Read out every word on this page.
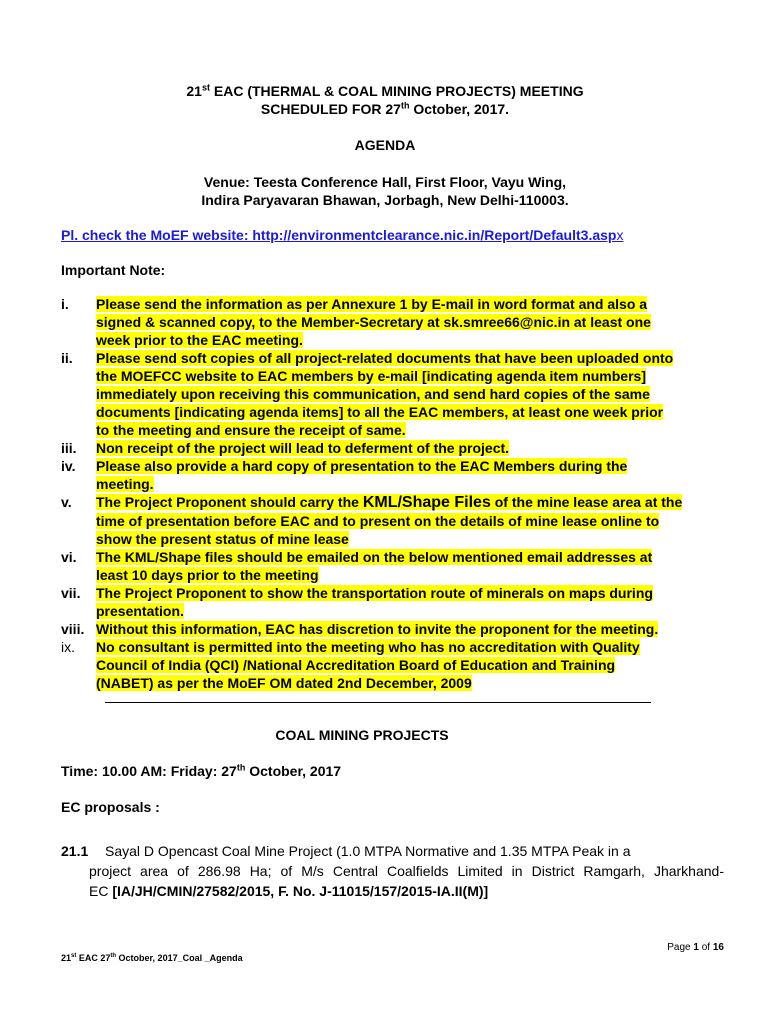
21st EAC (THERMAL & COAL MINING PROJECTS) MEETING
SCHEDULED FOR 27th October, 2017.
AGENDA
Venue: Teesta Conference Hall, First Floor, Vayu Wing,
Indira Paryavaran Bhawan, Jorbagh, New Delhi-110003.
Pl. check the MoEF website: http://environmentclearance.nic.in/Report/Default3.aspx
Important Note:
i.	Please send the information as per Annexure 1 by E-mail in word format and also a
signed & scanned copy, to the Member-Secretary at sk.smree66@nic.in at least one
week prior to the EAC meeting.
ii.	Please send soft copies of all project-related documents that have been uploaded onto
the MOEFCC website to EAC members by e-mail [indicating agenda item numbers]
immediately upon receiving this communication, and send hard copies of the same
documents [indicating agenda items] to all the EAC members, at least one week prior
to the meeting and ensure the receipt of same.
iii.	Non receipt of the project will lead to deferment of the project.
iv.	Please also provide a hard copy of presentation to the EAC Members during the
meeting.
v.	The Project Proponent should carry the KML/Shape Files of the mine lease area at the
time of presentation before EAC and to present on the details of mine lease online to
show the present status of mine lease
vi.	The KML/Shape files should be emailed on the below mentioned email addresses at
least 10 days prior to the meeting
vii.	The Project Proponent to show the transportation route of minerals on maps during
presentation.
viii. Without this information, EAC has discretion to invite the proponent for the meeting.
ix.	No consultant is permitted into the meeting who has no accreditation with Quality
Council of India (QCI) /National Accreditation Board of Education and Training
(NABET) as per the MoEF OM dated 2nd December, 2009
COAL MINING PROJECTS
Time: 10.00 AM: Friday: 27th October, 2017
EC proposals :
21.1 Sayal D Opencast Coal Mine Project (1.0 MTPA Normative and 1.35 MTPA Peak in a
project area of 286.98 Ha; of M/s Central Coalfields Limited in District Ramgarh, Jharkhand-
EC [IA/JH/CMIN/27582/2015, F. No. J-11015/157/2015-IA.II(M)]
Page 1 of 16
21st EAC 27th October, 2017_Coal _Agenda
